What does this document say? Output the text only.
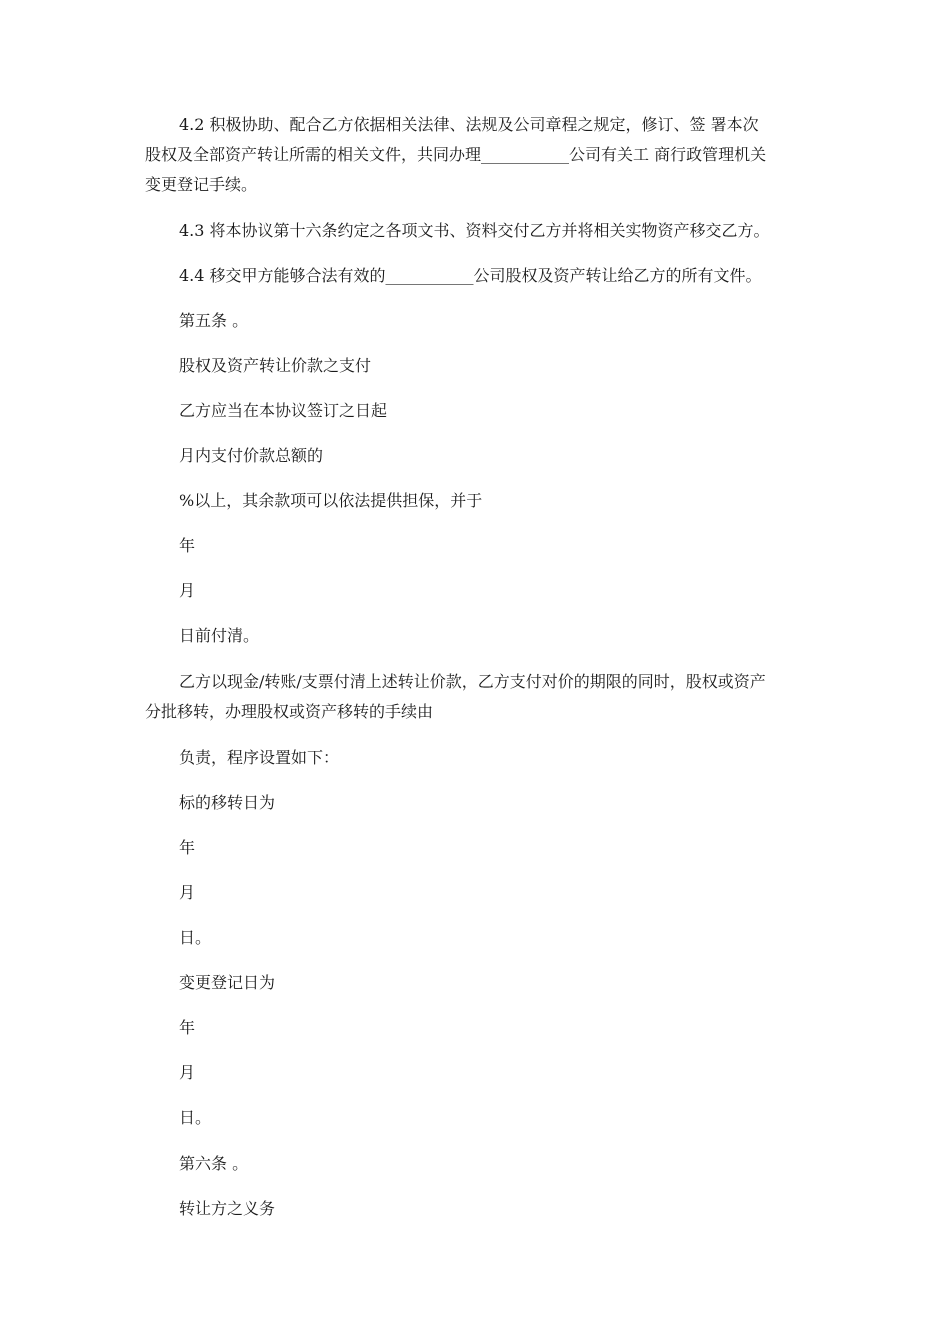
4.2 积极协助、配合乙方依据相关法律、法规及公司章程之规定，修订、签 署本次

股权及全部资产转让所需的相关文件，共同办理___________公司有关工 商行政管理机关

变更登记手续。

4.3 将本协议第十六条约定之各项文书、资料交付乙方并将相关实物资产移交乙方。

4.4 移交甲方能够合法有效的___________公司股权及资产转让给乙方的所有文件。

第五条 。

股权及资产转让价款之支付

乙方应当在本协议签订之日起

月内支付价款总额的

%以上，其余款项可以依法提供担保，并于

年

月

日前付清。

乙方以现金/转账/支票付清上述转让价款，乙方支付对价的期限的同时，股权或资产

分批移转，办理股权或资产移转的手续由

负责，程序设置如下：

标的移转日为

年

月

日。

变更登记日为

年

月

日。

第六条 。

转让方之义务
